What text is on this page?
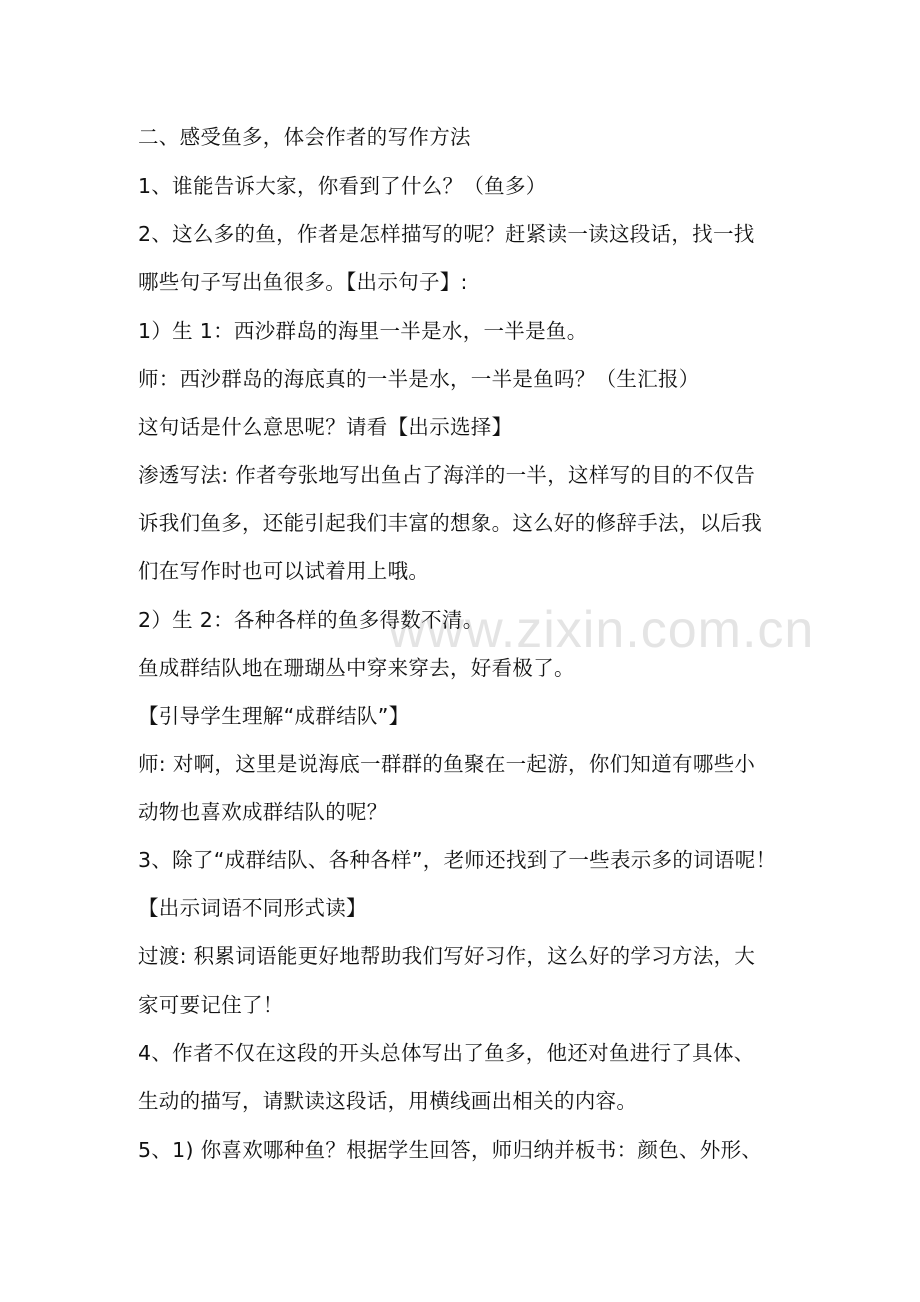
www.zixin.com.cn
二、感受鱼多，体会作者的写作方法
1、谁能告诉大家，你看到了什么？（鱼多）
2、这么多的鱼，作者是怎样描写的呢？赶紧读一读这段话，找一找
哪些句子写出鱼很多。【出示句子】:
1）生 1：西沙群岛的海里一半是水，一半是鱼。
师：西沙群岛的海底真的一半是水，一半是鱼吗？（生汇报）
这句话是什么意思呢？请看【出示选择】
渗透写法: 作者夸张地写出鱼占了海洋的一半，这样写的目的不仅告
诉我们鱼多，还能引起我们丰富的想象。这么好的修辞手法，以后我
们在写作时也可以试着用上哦。
2）生 2：各种各样的鱼多得数不清。
鱼成群结队地在珊瑚丛中穿来穿去，好看极了。
【引导学生理解“成群结队”】
师: 对啊，这里是说海底一群群的鱼聚在一起游，你们知道有哪些小
动物也喜欢成群结队的呢？
3、除了“成群结队、各种各样”，老师还找到了一些表示多的词语呢！
【出示词语不同形式读】
过渡: 积累词语能更好地帮助我们写好习作，这么好的学习方法，大
家可要记住了！
4、作者不仅在这段的开头总体写出了鱼多，他还对鱼进行了具体、
生动的描写，请默读这段话，用横线画出相关的内容。
5、1) 你喜欢哪种鱼？根据学生回答，师归纳并板书：颜色、外形、
